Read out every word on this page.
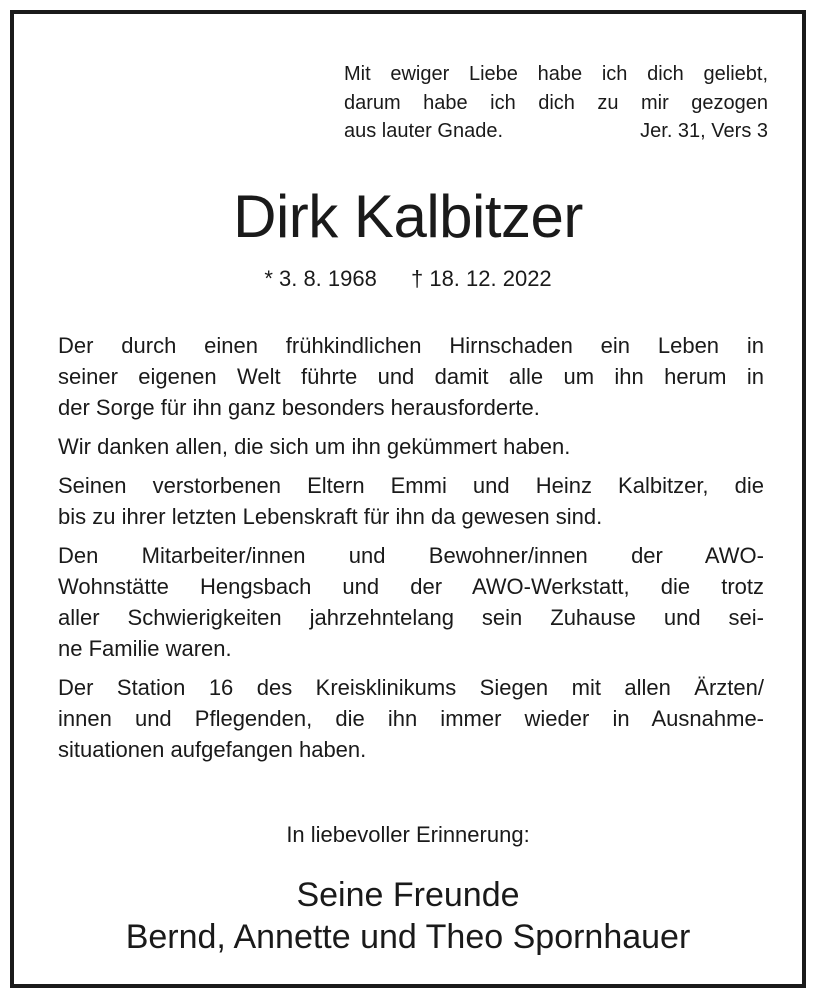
Mit ewiger Liebe habe ich dich geliebt,
darum habe ich dich zu mir gezogen
aus lauter Gnade.	Jer. 31, Vers 3
Dirk Kalbitzer
* 3. 8. 1968 † 18. 12. 2022

Der durch einen frühkindlichen Hirnschaden ein Leben in
seiner eigenen Welt führte und damit alle um ihn herum in
der Sorge für ihn ganz besonders herausforderte.

Wir danken allen, die sich um ihn gekümmert haben.

Seinen verstorbenen Eltern Emmi und Heinz Kalbitzer, die
bis zu ihrer letzten Lebenskraft für ihn da gewesen sind.

Den Mitarbeiter/innen und Bewohner/innen der AWO-
Wohnstätte Hengsbach und der AWO-Werkstatt, die trotz
aller Schwierigkeiten jahrzehntelang sein Zuhause und sei-
ne Familie waren.

Der Station 16 des Kreisklinikums Siegen mit allen Ärzten/
innen und Pflegenden, die ihn immer wieder in Ausnahme-
situationen aufgefangen haben.

In liebevoller Erinnerung:
Seine Freunde
Bernd, Annette und Theo Spornhauer
